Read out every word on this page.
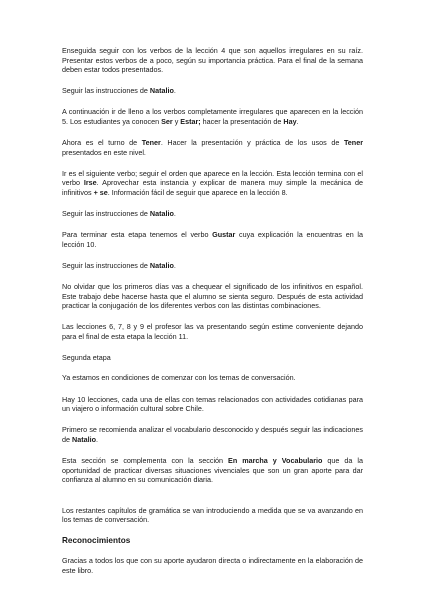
Enseguida seguir con los verbos de la lección 4 que son aquellos irregulares en su raíz. Presentar estos verbos de a poco, según su importancia práctica. Para el final de la semana deben estar todos presentados.

Seguir las instrucciones de Natalio.

A continuación ir de lleno a los verbos completamente irregulares que aparecen en la lección 5. Los estudiantes ya conocen Ser y Estar; hacer la presentación de Hay.

Ahora es el turno de Tener. Hacer la presentación y práctica de los usos de Tener presentados en este nivel.

Ir es el siguiente verbo; seguir el orden que aparece en la lección. Esta lección termina con el verbo Irse. Aprovechar esta instancia y explicar de manera muy simple la mecánica de infinitivos + se. Información fácil de seguir que aparece en la lección 8.

Seguir las instrucciones de Natalio.

Para terminar esta etapa tenemos el verbo Gustar cuya explicación la encuentras en la lección 10.

Seguir las instrucciones de Natalio.

No olvidar que los primeros días vas a chequear el significado de los infinitivos en español. Este trabajo debe hacerse hasta que el alumno se sienta seguro. Después de esta actividad practicar la conjugación de los diferentes verbos con las distintas combinaciones.

Las lecciones 6, 7, 8 y 9 el profesor las va presentando según estime conveniente dejando para el final de esta etapa la lección 11.

Segunda etapa

Ya estamos en condiciones de comenzar con los temas de conversación.

Hay 10 lecciones, cada una de ellas con temas relacionados con actividades cotidianas para un viajero o información cultural sobre Chile.

Primero se recomienda analizar el vocabulario desconocido y después seguir las indicaciones de Natalio.

Esta sección se complementa con la sección En marcha y Vocabulario que da la oportunidad de practicar diversas situaciones vivenciales que son un gran aporte para dar confianza al alumno en su comunicación diaria.

Los restantes capítulos de gramática se van introduciendo a medida que se va avanzando en los temas de conversación.

Reconocimientos

Gracias a todos los que con su aporte ayudaron directa o indirectamente en la elaboración de este libro.
